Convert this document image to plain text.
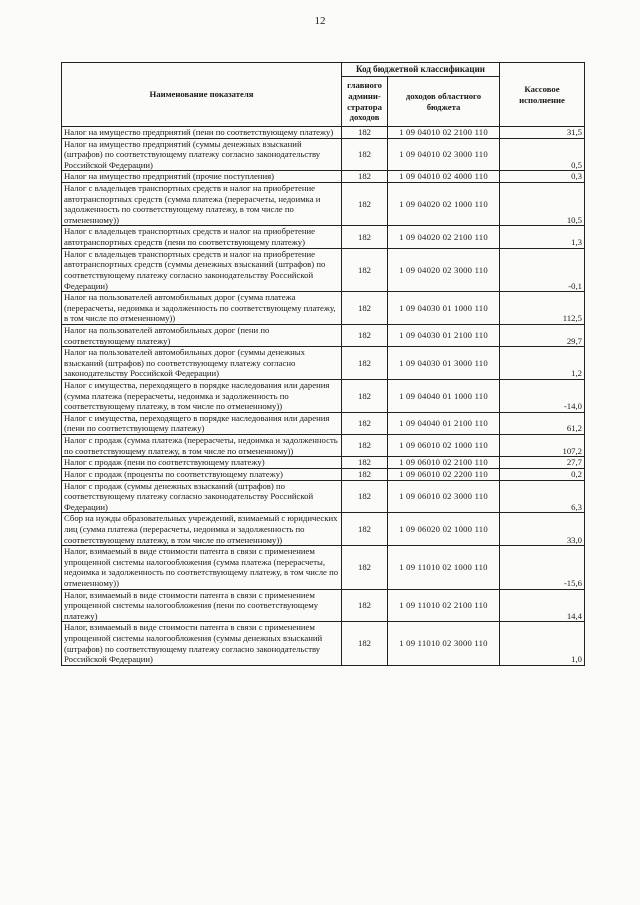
12
Наименование показателя	Код бюджетной классификации		Кассовое исполнение
	главного админи-стратора доходов	доходов областного бюджета	
Налог на имущество предприятий (пени по соответствующему платежу)	182	1 09 04010 02 2100 110	31,5
Налог на имущество предприятий (суммы денежных взысканий (штрафов) по соответствующему платежу согласно законодательству Российской Федерации)	182	1 09 04010 02 3000 110	0,5
Налог на имущество предприятий (прочие поступления)	182	1 09 04010 02 4000 110	0,3
Налог с владельцев транспортных средств и налог на приобретение автотранспортных средств (сумма платежа (перерасчеты, недоимка и задолженность по соответствующему платежу, в том числе по отмененному))	182	1 09 04020 02 1000 110	10,5
Налог с владельцев транспортных средств и налог на приобретение автотранспортных средств (пени по соответствующему платежу)	182	1 09 04020 02 2100 110	1,3
Налог с владельцев транспортных средств и налог на приобретение автотранспортных средств (суммы денежных взысканий (штрафов) по соответствующему платежу согласно законодательству Российской Федерации)	182	1 09 04020 02 3000 110	-0,1
Налог на пользователей автомобильных дорог (сумма платежа (перерасчеты, недоимка и задолженность по соответствующему платежу, в том числе по отмененному))	182	1 09 04030 01 1000 110	112,5
Налог на пользователей автомобильных дорог (пени по соответствующему платежу)	182	1 09 04030 01 2100 110	29,7
Налог на пользователей автомобильных дорог (суммы денежных взысканий (штрафов) по соответствующему платежу согласно законодательству Российской Федерации)	182	1 09 04030 01 3000 110	1,2
Налог с имущества, переходящего в порядке наследования или дарения (сумма платежа (перерасчеты, недоимка и задолженность по соответствующему платежу, в том числе по отмененному))	182	1 09 04040 01 1000 110	-14,0
Налог с имущества, переходящего в порядке наследования или дарения (пени по соответствующему платежу)	182	1 09 04040 01 2100 110	61,2
Налог с продаж (сумма платежа (перерасчеты, недоимка и задолженность по соответствующему платежу, в том числе по отмененному))	182	1 09 06010 02 1000 110	107,2
Налог с продаж (пени по соответствующему платежу)	182	1 09 06010 02 2100 110	27,7
Налог с продаж (проценты по соответствующему платежу)	182	1 09 06010 02 2200 110	0,2
Налог с продаж (суммы денежных взысканий (штрафов) по соответствующему платежу согласно законодательству Российской Федерации)	182	1 09 06010 02 3000 110	6,3
Сбор на нужды образовательных учреждений, взимаемый с юридических лиц (сумма платежа (перерасчеты, недоимка и задолженность по соответствующему платежу, в том числе по отмененному))	182	1 09 06020 02 1000 110	33,0
Налог, взимаемый в виде стоимости патента в связи с применением упрощенной системы налогообложения (сумма платежа (перерасчеты, недоимка и задолженность по соответствующему платежу, в том числе по отмененному))	182	1 09 11010 02 1000 110	-15,6
Налог, взимаемый в виде стоимости патента в связи с применением упрощенной системы налогообложения (пени по соответствующему платежу)	182	1 09 11010 02 2100 110	14,4
Налог, взимаемый в виде стоимости патента в связи с применением упрощенной системы налогообложения (суммы денежных взысканий (штрафов) по соответствующему платежу согласно законодательству Российской Федерации)	182	1 09 11010 02 3000 110	1,0
